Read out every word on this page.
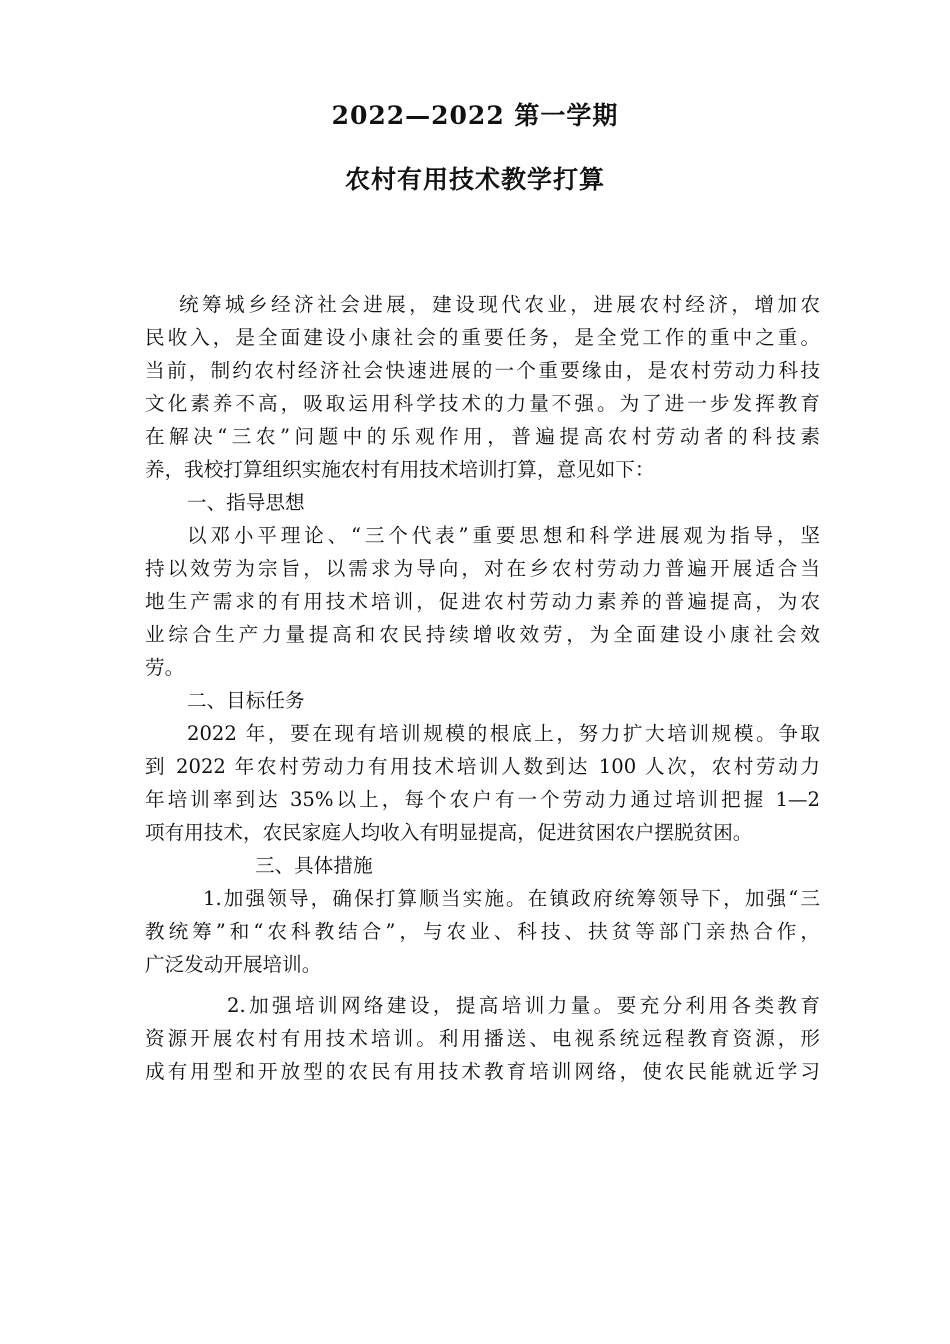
2022—2022 第一学期
农村有用技术教学打算
统筹城乡经济社会进展，建设现代农业，进展农村经济，增加农
民收入，是全面建设小康社会的重要任务，是全党工作的重中之重。
当前，制约农村经济社会快速进展的一个重要缘由，是农村劳动力科技
文化素养不高，吸取运用科学技术的力量不强。为了进一步发挥教育
在解决“三农”问题中的乐观作用，普遍提高农村劳动者的科技素
养，我校打算组织实施农村有用技术培训打算，意见如下：
一、指导思想
以邓小平理论、“三个代表”重要思想和科学进展观为指导，坚
持以效劳为宗旨，以需求为导向，对在乡农村劳动力普遍开展适合当
地生产需求的有用技术培训，促进农村劳动力素养的普遍提高，为农
业综合生产力量提高和农民持续增收效劳，为全面建设小康社会效
劳。
二、目标任务
2022 年，要在现有培训规模的根底上，努力扩大培训规模。争取
到 2022 年农村劳动力有用技术培训人数到达 100 人次，农村劳动力
年培训率到达 35%以上，每个农户有一个劳动力通过培训把握 1—2
项有用技术，农民家庭人均收入有明显提高，促进贫困农户摆脱贫困。
三、具体措施
1.加强领导，确保打算顺当实施。在镇政府统筹领导下，加强“三
教统筹”和“农科教结合”，与农业、科技、扶贫等部门亲热合作，
广泛发动开展培训。
2.加强培训网络建设，提高培训力量。要充分利用各类教育
资源开展农村有用技术培训。利用播送、电视系统远程教育资源，形
成有用型和开放型的农民有用技术教育培训网络，使农民能就近学习
